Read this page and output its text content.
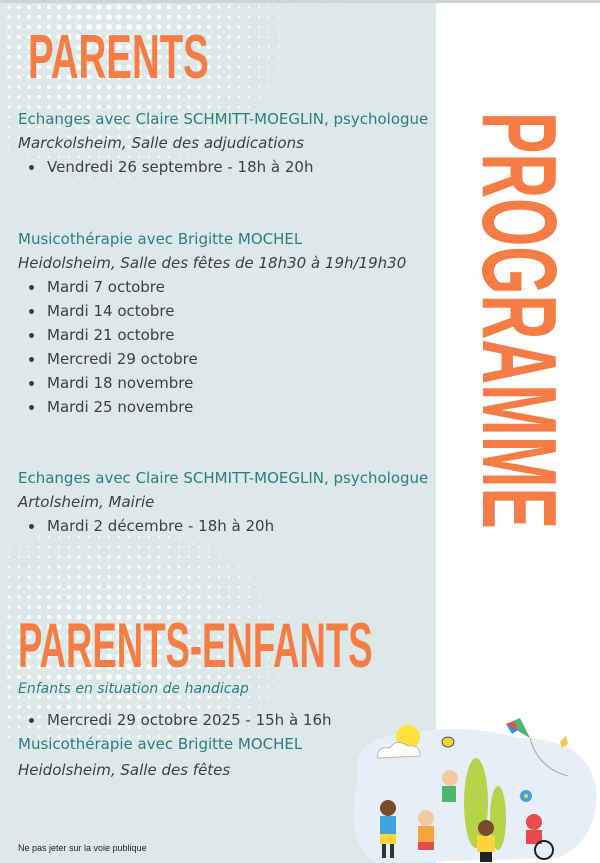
PARENTS
PROGRAMME
Echanges avec Claire SCHMITT-MOEGLIN, psychologue
Marckolsheim, Salle des adjudications
Vendredi 26 septembre - 18h à 20h
Musicothérapie avec Brigitte MOCHEL
Heidolsheim, Salle des fêtes de 18h30 à 19h/19h30
Mardi 7 octobre
Mardi 14 octobre
Mardi 21 octobre
Mercredi 29 octobre
Mardi 18 novembre
Mardi 25 novembre
Echanges avec Claire SCHMITT-MOEGLIN, psychologue
Artolsheim, Mairie
Mardi 2 décembre - 18h à 20h
PARENTS-ENFANTS
Enfants en situation de handicap
Mercredi 29 octobre 2025 - 15h à 16h
Musicothérapie avec Brigitte MOCHEL
Heidolsheim, Salle des fêtes
Ne pas jeter sur la voie publique
